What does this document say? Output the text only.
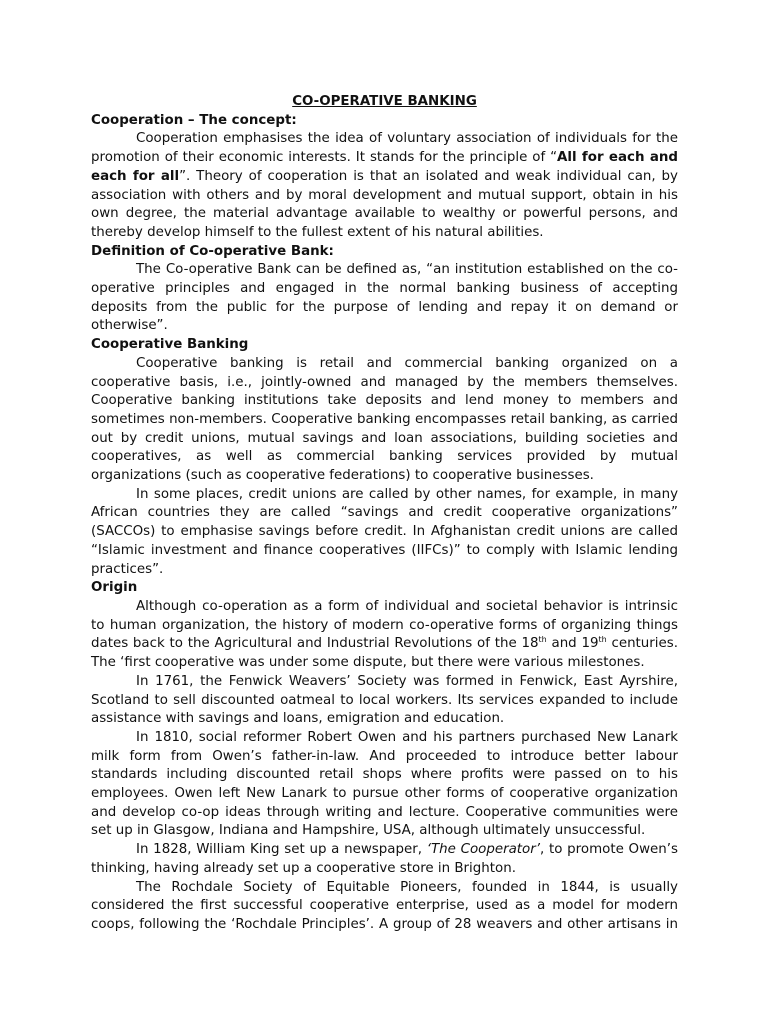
CO-OPERATIVE BANKING
Cooperation – The concept:

Cooperation emphasises the idea of voluntary association of individuals for the promotion of their economic interests. It stands for the principle of “All for each and each for all”. Theory of cooperation is that an isolated and weak individual can, by association with others and by moral development and mutual support, obtain in his own degree, the material advantage available to wealthy or powerful persons, and thereby develop himself to the fullest extent of his natural abilities.

Definition of Co-operative Bank:

The Co-operative Bank can be defined as, “an institution established on the co-operative principles and engaged in the normal banking business of accepting deposits from the public for the purpose of lending and repay it on demand or otherwise”.

Cooperative Banking

Cooperative banking is retail and commercial banking organized on a cooperative basis, i.e., jointly-owned and managed by the members themselves. Cooperative banking institutions take deposits and lend money to members and sometimes non-members. Cooperative banking encompasses retail banking, as carried out by credit unions, mutual savings and loan associations, building societies and cooperatives, as well as commercial banking services provided by mutual organizations (such as cooperative federations) to cooperative businesses.

In some places, credit unions are called by other names, for example, in many African countries they are called “savings and credit cooperative organizations” (SACCOs) to emphasise savings before credit. In Afghanistan credit unions are called “Islamic investment and finance cooperatives (IIFCs)” to comply with Islamic lending practices”.

Origin

Although co-operation as a form of individual and societal behavior is intrinsic to human organization, the history of modern co-operative forms of organizing things dates back to the Agricultural and Industrial Revolutions of the 18th and 19th centuries. The ‘first cooperative was under some dispute, but there were various milestones.

In 1761, the Fenwick Weavers’ Society was formed in Fenwick, East Ayrshire, Scotland to sell discounted oatmeal to local workers. Its services expanded to include assistance with savings and loans, emigration and education.

In 1810, social reformer Robert Owen and his partners purchased New Lanark milk form from Owen’s father-in-law. And proceeded to introduce better labour standards including discounted retail shops where profits were passed on to his employees. Owen left New Lanark to pursue other forms of cooperative organization and develop co-op ideas through writing and lecture. Cooperative communities were set up in Glasgow, Indiana and Hampshire, USA, although ultimately unsuccessful.

In 1828, William King set up a newspaper, ‘The Cooperator’, to promote Owen’s thinking, having already set up a cooperative store in Brighton.

The Rochdale Society of Equitable Pioneers, founded in 1844, is usually considered the first successful cooperative enterprise, used as a model for modern coops, following the ‘Rochdale Principles’. A group of 28 weavers and other artisans in
